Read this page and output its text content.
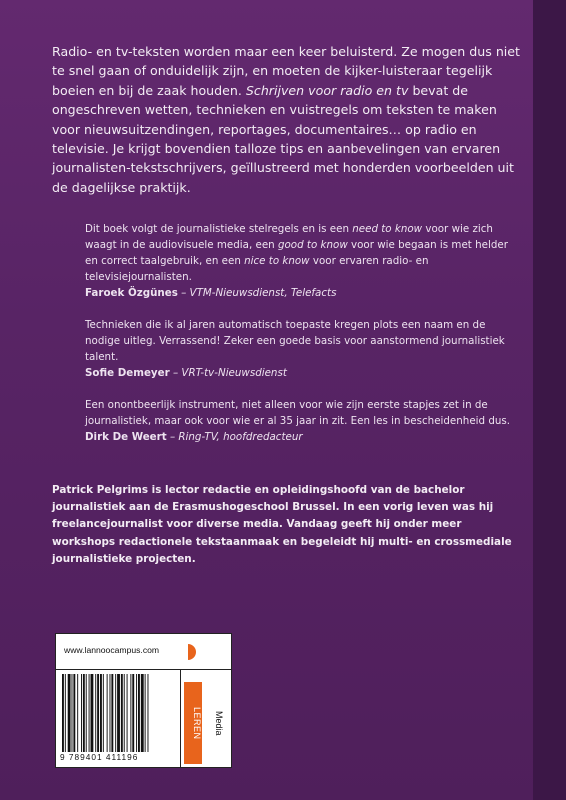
Radio- en tv-teksten worden maar een keer beluisterd. Ze mogen dus niet te snel gaan of onduidelijk zijn, en moeten de kijker-luisteraar tegelijk boeien en bij de zaak houden. Schrijven voor radio en tv bevat de ongeschreven wetten, technieken en vuistregels om teksten te maken voor nieuwsuitzendingen, reportages, documentaires… op radio en televisie. Je krijgt bovendien talloze tips en aanbevelingen van ervaren journalisten-tekstschrijvers, geïllustreerd met honderden voorbeelden uit de dagelijkse praktijk.

Dit boek volgt de journalistieke stelregels en is een need to know voor wie zich waagt in de audiovisuele media, een good to know voor wie begaan is met helder en correct taalgebruik, en een nice to know voor ervaren radio- en televisiejournalisten.

Faroek Özgünes – VTM-Nieuwsdienst, Telefacts

Technieken die ik al jaren automatisch toepaste kregen plots een naam en de nodige uitleg. Verrassend! Zeker een goede basis voor aanstormend journalistiek talent.

Sofie Demeyer – VRT-tv-Nieuwsdienst

Een onontbeerlijk instrument, niet alleen voor wie zijn eerste stapjes zet in de journalistiek, maar ook voor wie er al 35 jaar in zit. Een les in bescheidenheid dus.

Dirk De Weert – Ring-TV, hoofdredacteur

Patrick Pelgrims is lector redactie en opleidingshoofd van de bachelor journalistiek aan de Erasmushogeschool Brussel. In een vorig leven was hij freelancejournalist voor diverse media. Vandaag geeft hij onder meer workshops redactionele tekstaanmaak en begeleidt hij multi- en crossmediale journalistieke projecten.

www.lannoocampus.com
9 789401 411196
LEREN	Media
